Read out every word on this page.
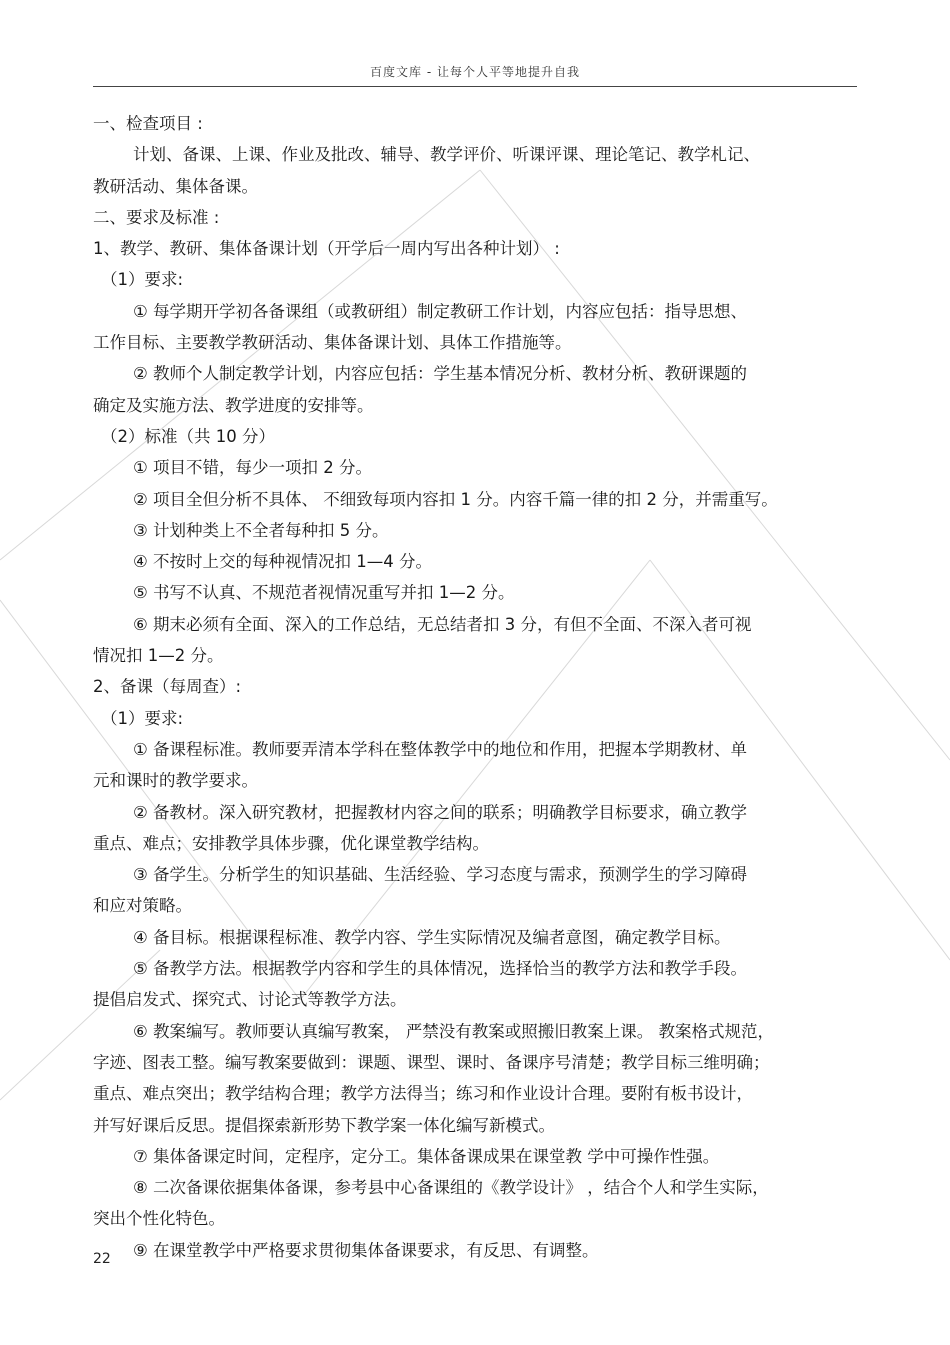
百度文库 - 让每个人平等地提升自我
一、检查项目 :
计划、备课、上课、作业及批改、辅导、教学评价、听课评课、理论笔记、教学札记、
教研活动、集体备课。
二、要求及标准 :
1、教学、教研、集体备课计划（开学后一周内写出各种计划） :
（1）要求:
① 每学期开学初各备课组（或教研组）制定教研工作计划，内容应包括：指导思想、
工作目标、主要教学教研活动、集体备课计划、具体工作措施等。
② 教师个人制定教学计划，内容应包括：学生基本情况分析、教材分析、教研课题的
确定及实施方法、教学进度的安排等。
（2）标准（共 10 分）
① 项目不错，每少一项扣 2 分。
② 项目全但分析不具体、 不细致每项内容扣 1 分。内容千篇一律的扣 2 分，并需重写。
③ 计划种类上不全者每种扣 5 分。
④ 不按时上交的每种视情况扣 1—4 分。
⑤ 书写不认真、不规范者视情况重写并扣 1—2 分。
⑥ 期末必须有全面、深入的工作总结，无总结者扣 3 分，有但不全面、不深入者可视
情况扣 1—2 分。
2、备课（每周查）:
（1）要求:
① 备课程标准。教师要弄清本学科在整体教学中的地位和作用，把握本学期教材、单
元和课时的教学要求。
② 备教材。深入研究教材，把握教材内容之间的联系；明确教学目标要求，确立教学
重点、难点；安排教学具体步骤，优化课堂教学结构。
③ 备学生。分析学生的知识基础、生活经验、学习态度与需求，预测学生的学习障碍
和应对策略。
④ 备目标。根据课程标准、教学内容、学生实际情况及编者意图，确定教学目标。
⑤ 备教学方法。根据教学内容和学生的具体情况，选择恰当的教学方法和教学手段。
提倡启发式、探究式、讨论式等教学方法。
⑥ 教案编写。教师要认真编写教案， 严禁没有教案或照搬旧教案上课。 教案格式规范，
字迹、图表工整。编写教案要做到：课题、课型、课时、备课序号清楚；教学目标三维明确；
重点、难点突出；教学结构合理；教学方法得当；练习和作业设计合理。要附有板书设计，
并写好课后反思。提倡探索新形势下教学案一体化编写新模式。
⑦ 集体备课定时间，定程序，定分工。集体备课成果在课堂教 学中可操作性强。
⑧ 二次备课依据集体备课，参考县中心备课组的《教学设计》 ，结合个人和学生实际，
突出个性化特色。
⑨ 在课堂教学中严格要求贯彻集体备课要求，有反思、有调整。
22
